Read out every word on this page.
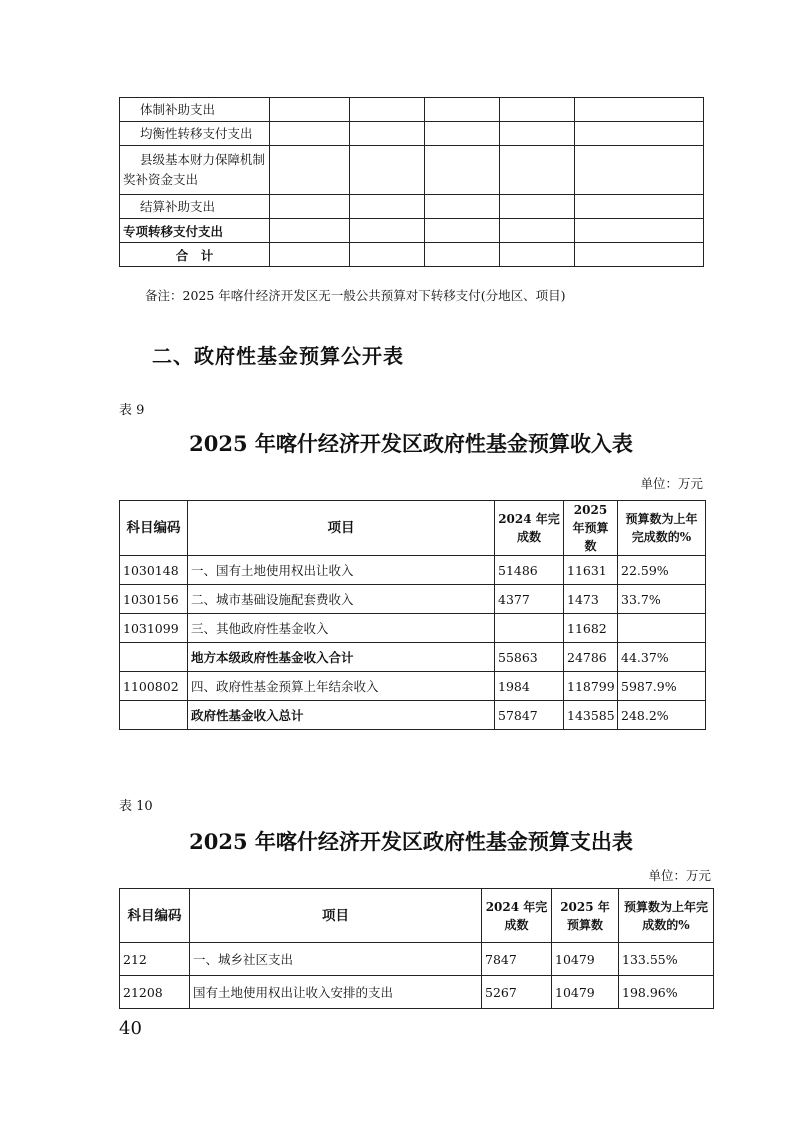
体制补助支出					
均衡性转移支付支出					
县级基本财力保障机制奖补资金支出					
结算补助支出					
专项转移支付支出					
合　计					

备注：2025 年喀什经济开发区无一般公共预算对下转移支付(分地区、项目)

二、政府性基金预算公开表

表 9

2025 年喀什经济开发区政府性基金预算收入表

单位：万元

科目编码	项目	2024 年完成数	2025 年预算数	预算数为上年完成数的%
1030148	一、国有土地使用权出让收入	51486	11631	22.59%
1030156	二、城市基础设施配套费收入	4377	1473	33.7%
1031099	三、其他政府性基金收入		11682	
	地方本级政府性基金收入合计	55863	24786	44.37%
1100802	四、政府性基金预算上年结余收入	1984	118799	5987.9%
	政府性基金收入总计	57847	143585	248.2%

表 10

2025 年喀什经济开发区政府性基金预算支出表

单位：万元

科目编码	项目	2024 年完成数	2025 年预算数	预算数为上年完成数的%
212	一、城乡社区支出	7847	10479	133.55%
21208	国有土地使用权出让收入安排的支出	5267	10479	198.96%

40
